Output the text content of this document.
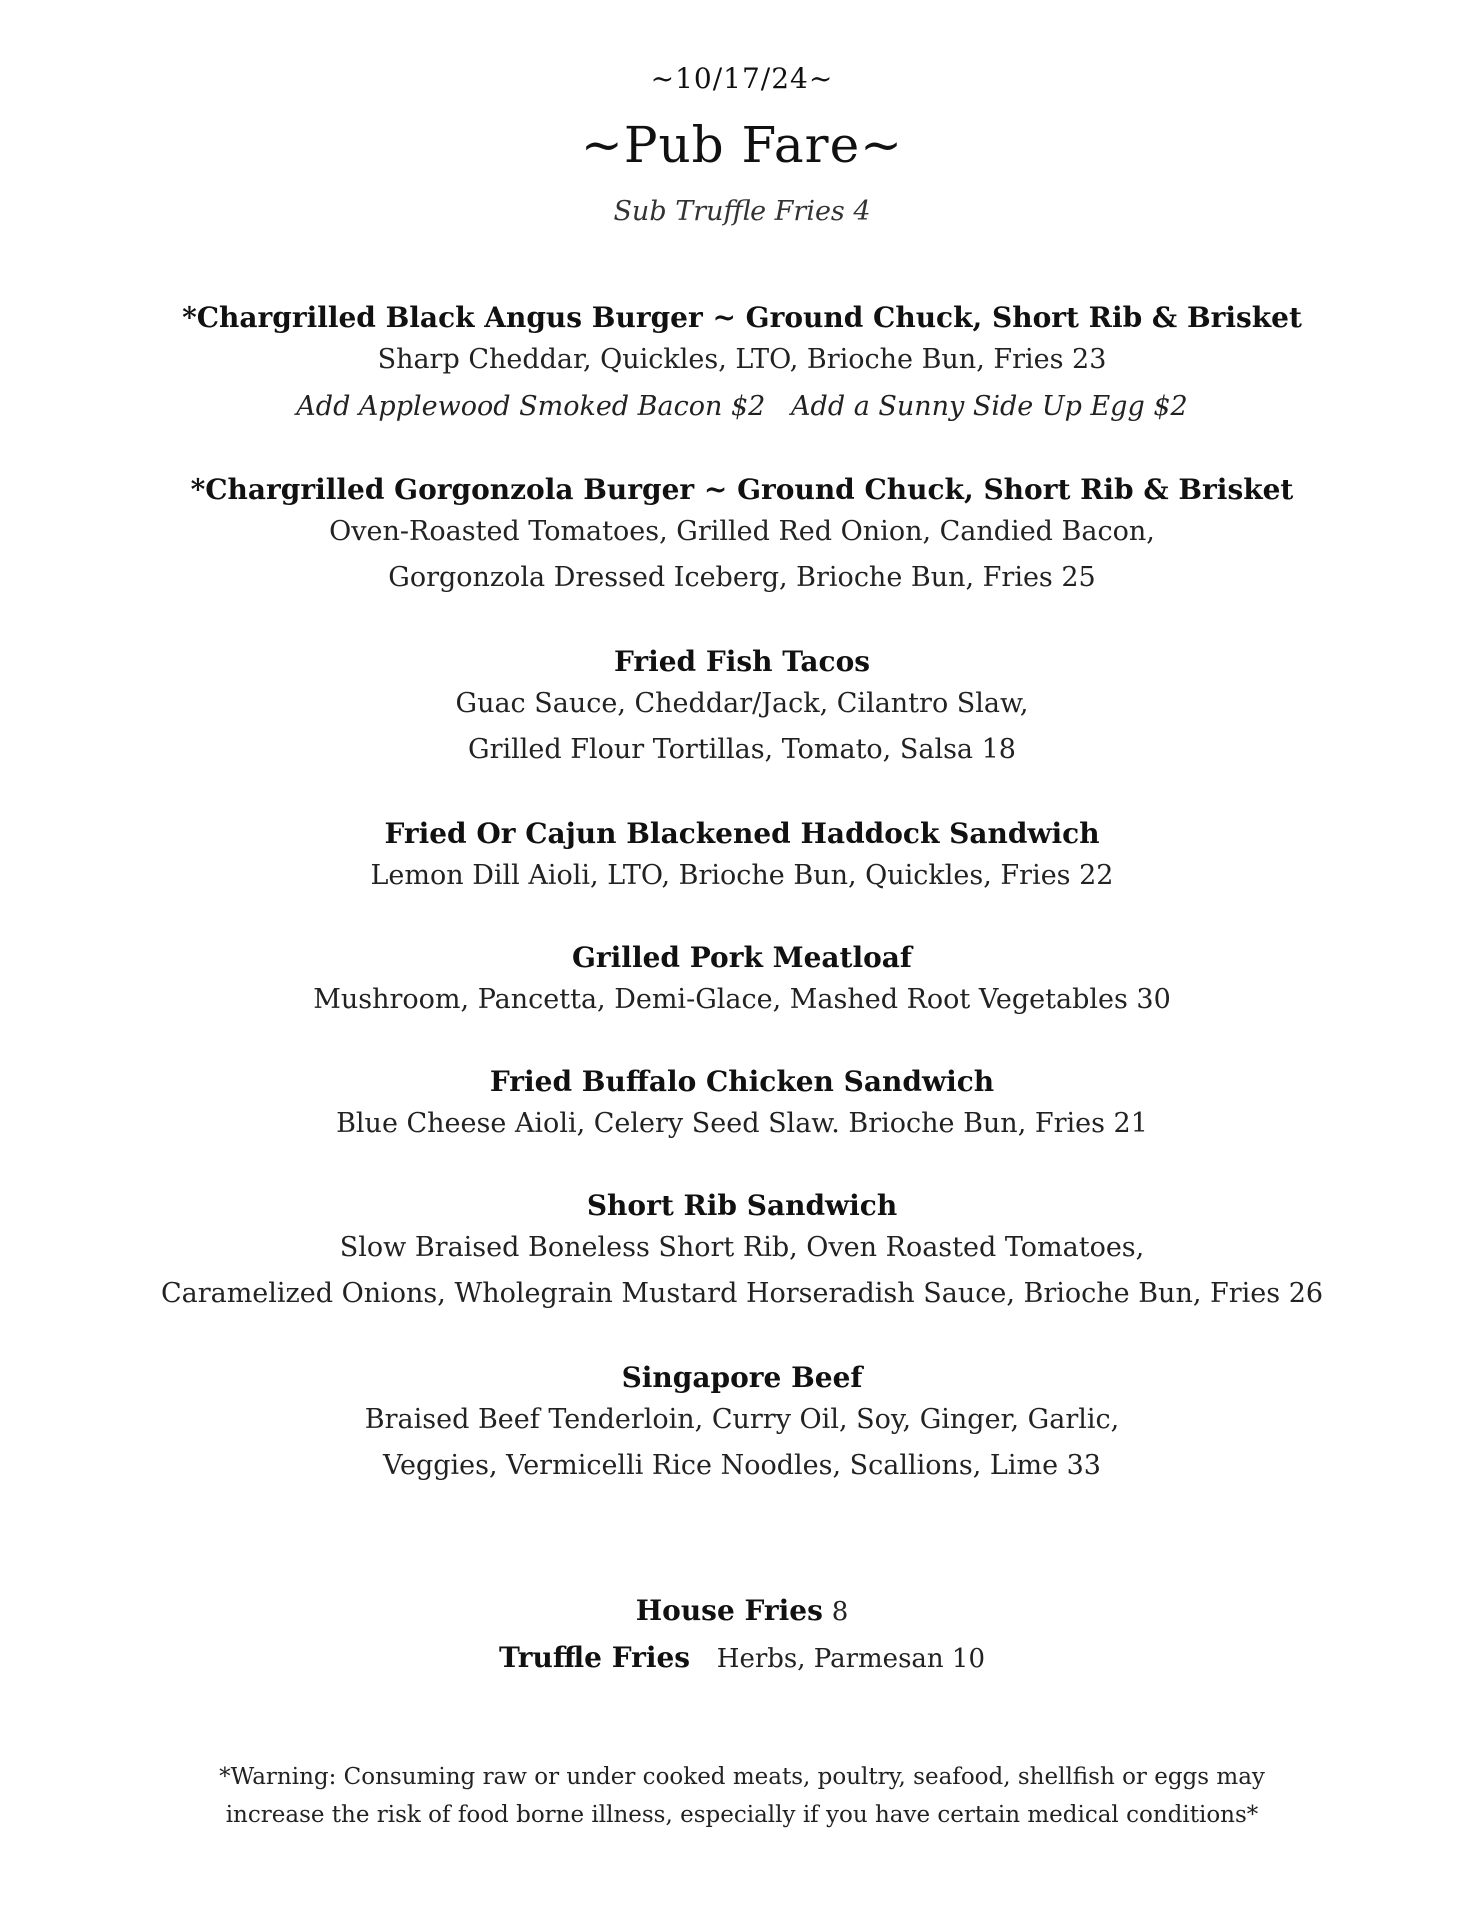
~10/17/24~
~Pub Fare~
Sub Truffle Fries 4
*Chargrilled Black Angus Burger ~ Ground Chuck, Short Rib & Brisket
Sharp Cheddar, Quickles, LTO, Brioche Bun, Fries 23
Add Applewood Smoked Bacon $2   Add a Sunny Side Up Egg $2
*Chargrilled Gorgonzola Burger ~ Ground Chuck, Short Rib & Brisket
Oven-Roasted Tomatoes, Grilled Red Onion, Candied Bacon,
Gorgonzola Dressed Iceberg, Brioche Bun, Fries 25
Fried Fish Tacos
Guac Sauce, Cheddar/Jack, Cilantro Slaw,
Grilled Flour Tortillas, Tomato, Salsa 18
Fried Or Cajun Blackened Haddock Sandwich
Lemon Dill Aioli, LTO, Brioche Bun, Quickles, Fries 22
Grilled Pork Meatloaf
Mushroom, Pancetta, Demi-Glace, Mashed Root Vegetables 30
Fried Buffalo Chicken Sandwich
Blue Cheese Aioli, Celery Seed Slaw. Brioche Bun, Fries 21
Short Rib Sandwich
Slow Braised Boneless Short Rib, Oven Roasted Tomatoes,
Caramelized Onions, Wholegrain Mustard Horseradish Sauce, Brioche Bun, Fries 26
Singapore Beef
Braised Beef Tenderloin, Curry Oil, Soy, Ginger, Garlic,
Veggies, Vermicelli Rice Noodles, Scallions, Lime 33
House Fries 8
Truffle Fries Herbs, Parmesan 10
*Warning: Consuming raw or under cooked meats, poultry, seafood, shellfish or eggs may
increase the risk of food borne illness, especially if you have certain medical conditions*
